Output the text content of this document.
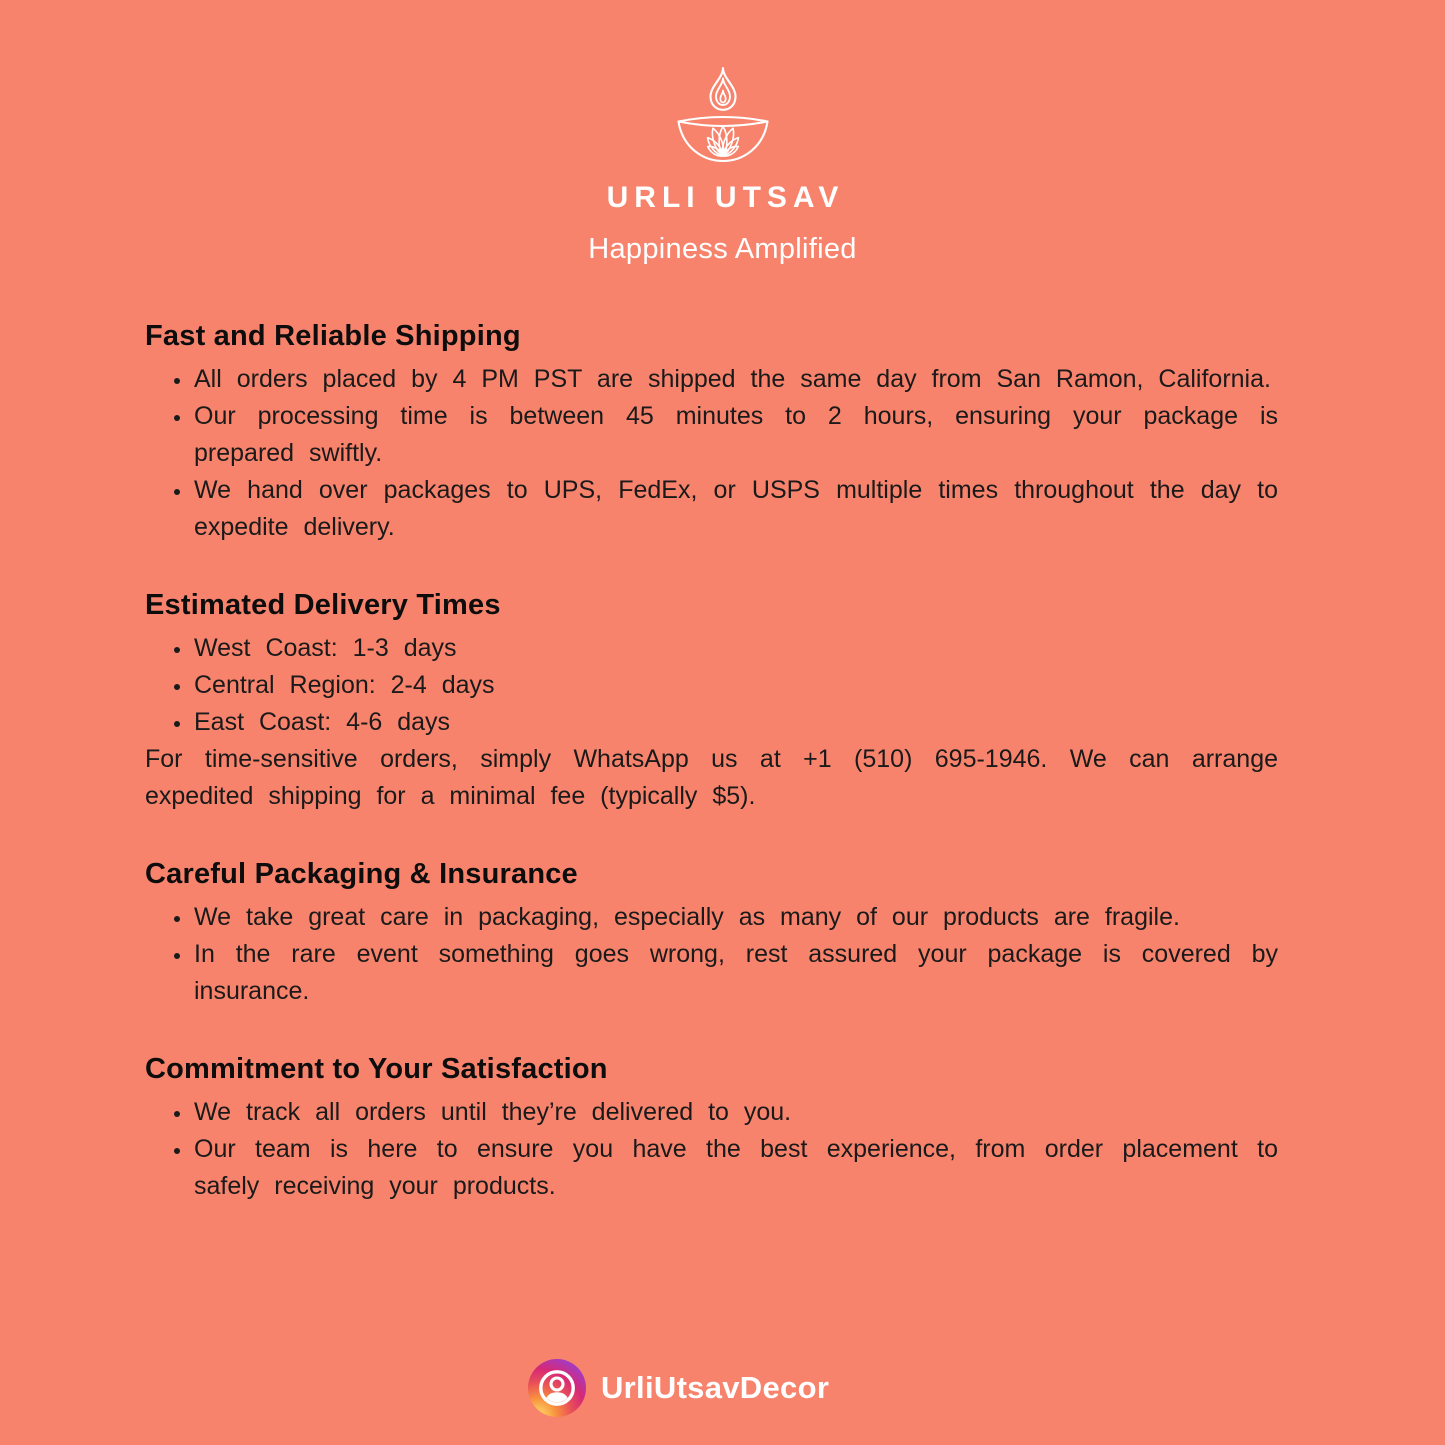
URLI UTSAV
Happiness Amplified
Fast and Reliable Shipping
• All orders placed by 4 PM PST are shipped the same day from San Ramon, California.
• Our processing time is between 45 minutes to 2 hours, ensuring your package is prepared swiftly.
• We hand over packages to UPS, FedEx, or USPS multiple times throughout the day to expedite delivery.
Estimated Delivery Times
• West Coast: 1-3 days
• Central Region: 2-4 days
• East Coast: 4-6 days

For time-sensitive orders, simply WhatsApp us at +1 (510) 695-1946. We can arrange expedited shipping for a minimal fee (typically $5).

Careful Packaging & Insurance
• We take great care in packaging, especially as many of our products are fragile.
• In the rare event something goes wrong, rest assured your package is covered by insurance.
Commitment to Your Satisfaction
• We track all orders until they’re delivered to you.
• Our team is here to ensure you have the best experience, from order placement to safely receiving your products.
UrliUtsavDecor
